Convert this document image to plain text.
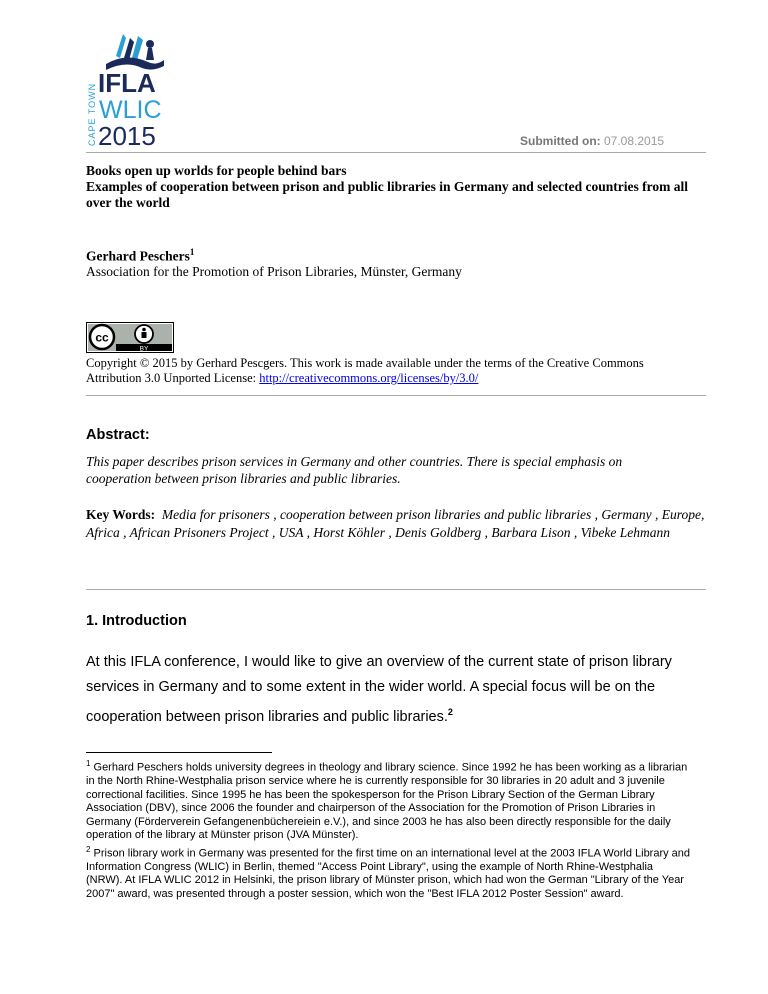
CAPE TOWN IFLA
WLIC
2015	Submitted on: 07.08.2015
Books open up worlds for people behind bars
Examples of cooperation between prison and public libraries in Germany and selected countries from all over the world
Gerhard Peschers$^1$
Association for the Promotion of Prison Libraries, Münster, Germany
cc
BY
Copyright © 2015 by Gerhard Pescgers. This work is made available under the terms of the Creative Commons Attribution 3.0 Unported License: http://creativecommons.org/licenses/by/3.0/
Abstract:
This paper describes prison services in Germany and other countries. There is special emphasis on cooperation between prison libraries and public libraries.
Key Words: Media for prisoners , cooperation between prison libraries and public libraries , Germany , Europe, Africa , African Prisoners Project , USA , Horst Köhler , Denis Goldberg , Barbara Lison , Vibeke Lehmann
1. Introduction
At this IFLA conference, I would like to give an overview of the current state of prison library services in Germany and to some extent in the wider world. A special focus will be on the cooperation between prison libraries and public libraries.$^2$
$^1$ Gerhard Peschers holds university degrees in theology and library science. Since 1992 he has been working as a librarian in the North Rhine-Westphalia prison service where he is currently responsible for 30 libraries in 20 adult and 3 juvenile correctional facilities. Since 1995 he has been the spokesperson for the Prison Library Section of the German Library Association (DBV), since 2006 the founder and chairperson of the Association for the Promotion of Prison Libraries in Germany (Förderverein Gefangenenbüchereiein e.V.), and since 2003 he has also been directly responsible for the daily operation of the library at Münster prison (JVA Münster).
$^2$ Prison library work in Germany was presented for the first time on an international level at the 2003 IFLA World Library and Information Congress (WLIC) in Berlin, themed "Access Point Library", using the example of North Rhine-Westphalia (NRW). At IFLA WLIC 2012 in Helsinki, the prison library of Münster prison, which had won the German "Library of the Year 2007" award, was presented through a poster session, which won the "Best IFLA 2012 Poster Session" award.
